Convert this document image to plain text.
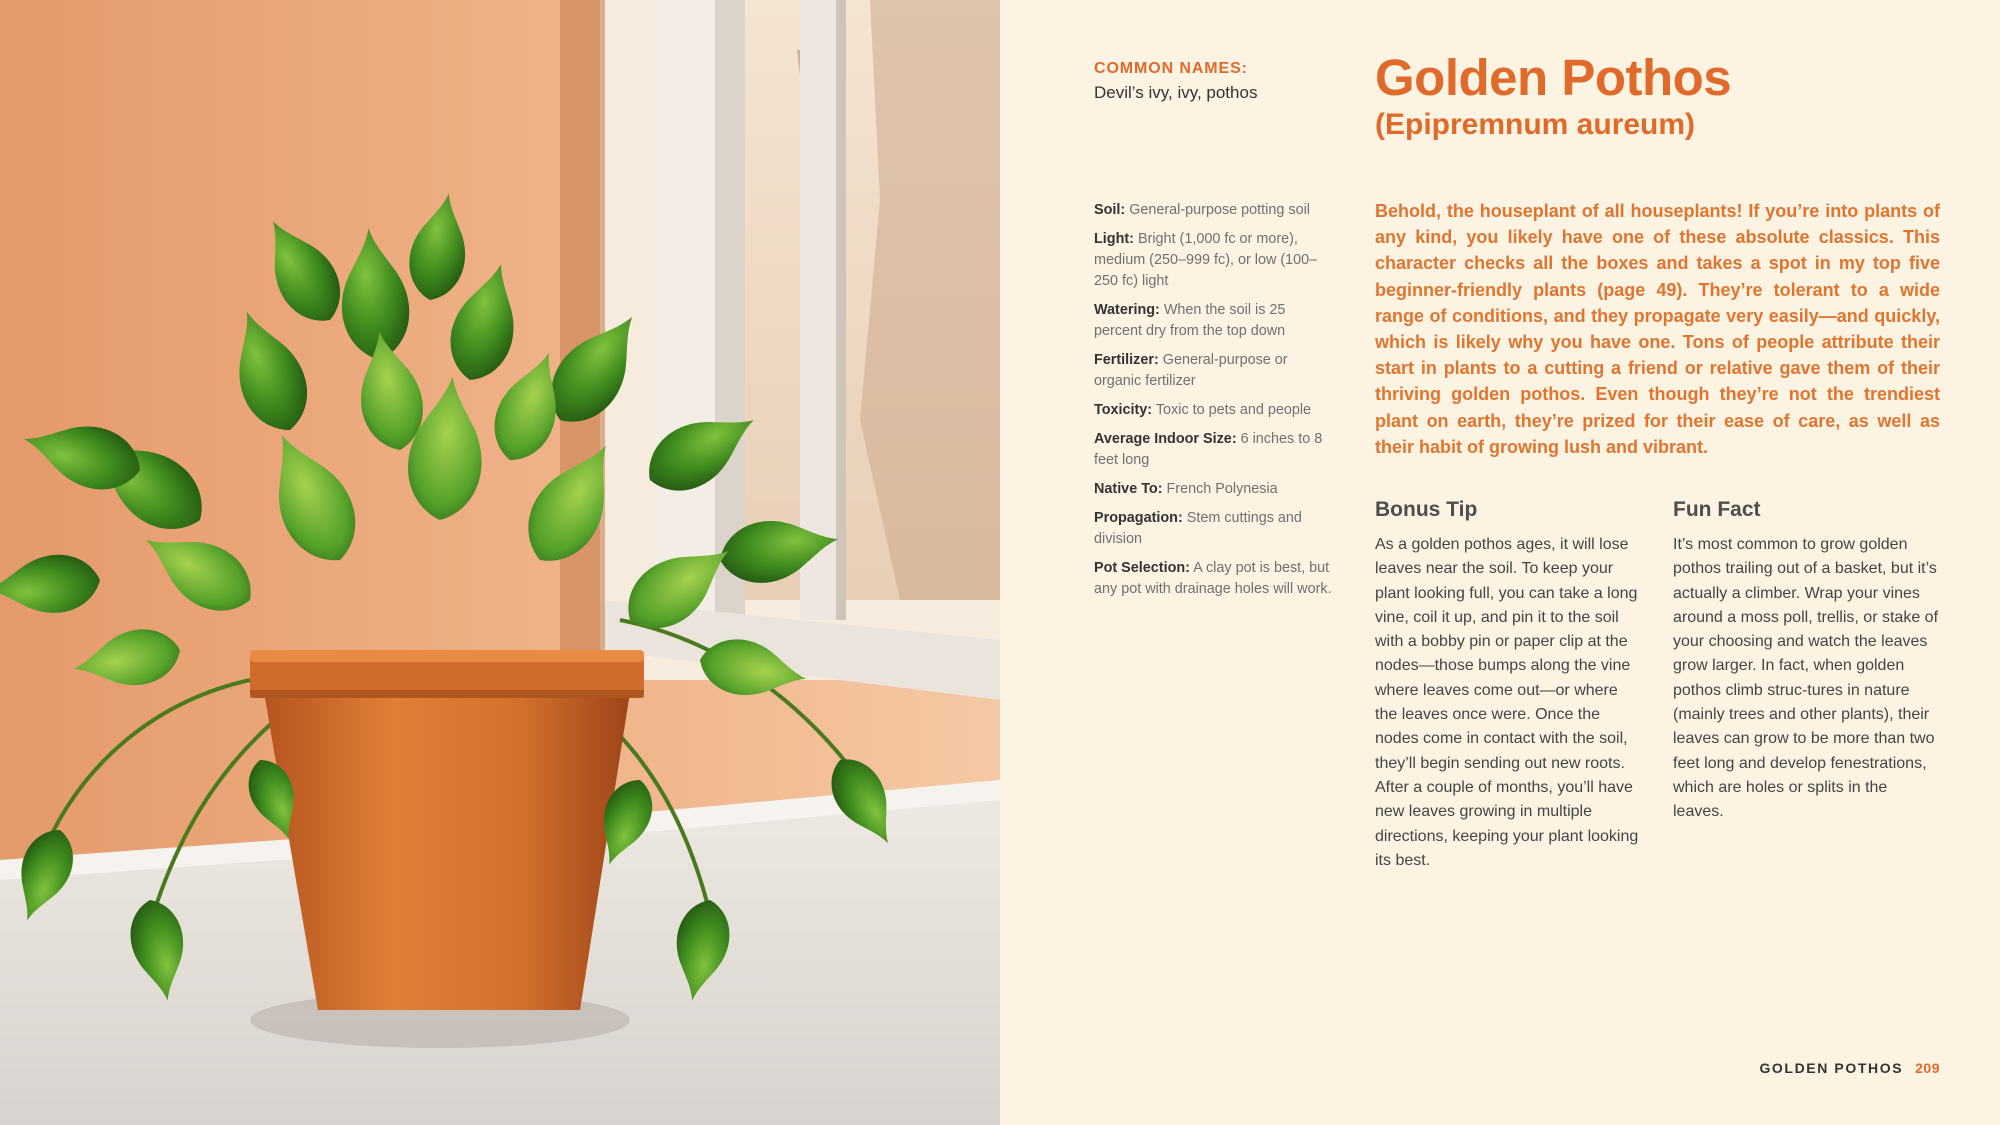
COMMON NAMES:
Devil’s ivy, ivy, pothos

Soil: General-purpose potting soil

Light: Bright (1,000 fc or more), medium (250–999 fc), or low (100–250 fc) light

Watering: When the soil is 25 percent dry from the top down

Fertilizer: General-purpose or organic fertilizer

Toxicity: Toxic to pets and people

Average Indoor Size: 6 inches to 8 feet long

Native To: French Polynesia

Propagation: Stem cuttings and division

Pot Selection: A clay pot is best, but any pot with drainage holes will work.

Golden Pothos
(Epipremnum aureum)

Behold, the houseplant of all houseplants! If you’re into plants of any kind, you likely have one of these absolute classics. This character checks all the boxes and takes a spot in my top five beginner-friendly plants (page 49). They’re tolerant to a wide range of conditions, and they propagate very easily—and quickly, which is likely why you have one. Tons of people attribute their start in plants to a cutting a friend or relative gave them of their thriving golden pothos. Even though they’re not the trendiest plant on earth, they’re prized for their ease of care, as well as their habit of growing lush and vibrant.

Bonus Tip

As a golden pothos ages, it will lose leaves near the soil. To keep your plant looking full, you can take a long vine, coil it up, and pin it to the soil with a bobby pin or paper clip at the nodes—those bumps along the vine where leaves come out—or where the leaves once were. Once the nodes come in contact with the soil, they’ll begin sending out new roots. After a couple of months, you’ll have new leaves growing in multiple directions, keeping your plant looking its best.

Fun Fact

It’s most common to grow golden pothos trailing out of a basket, but it’s actually a climber. Wrap your vines around a moss poll, trellis, or stake of your choosing and watch the leaves grow larger. In fact, when golden pothos climb struc-tures in nature (mainly trees and other plants), their leaves can grow to be more than two feet long and develop fenestrations, which are holes or splits in the leaves.

GOLDEN POTHOS 209
